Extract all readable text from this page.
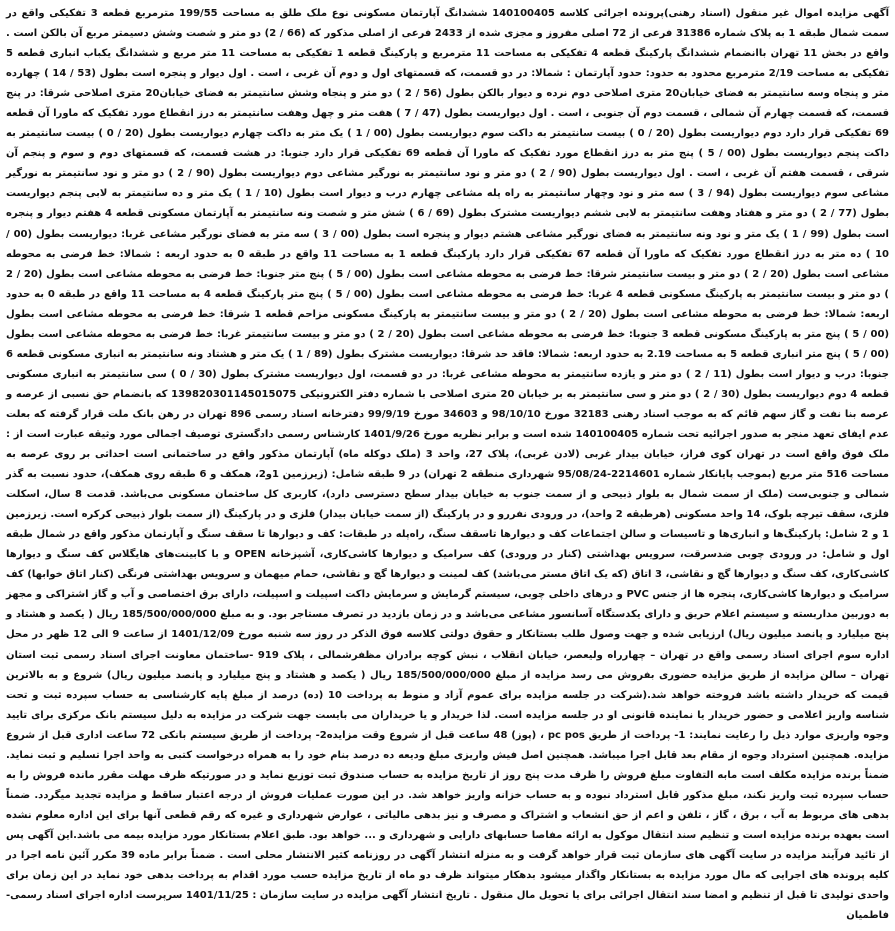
آگهی مزایده اموال غیر منقول (اسناد رهنی)پرونده اجرائی کلاسه 140100405 ششدانگ آپارتمان مسکونی نوع ملک طلق به مساحت 199/55 مترمربع قطعه 3 تفکیکی واقع در سمت شمال طبقه 1 به پلاک شماره 31386 فرعی از 72 اصلی مفروز و مجزی شده از 2433 فرعی از اصلی مذکور که (66 / 2) دو متر و شصت وشش دسیمتر مربع آن بالکن است . واقع در بخش 11 تهران باانضمام ششدانگ پارکینگ قطعه 4 تفکیکی به مساحت 11 مترمربع و پارکینگ قطعه 1 تفکیکی به مساحت 11 متر مربع و ششدانگ یکباب انباری قطعه 5 تفکیکی به مساحت 2/19 مترمربع محدود به حدود: حدود آپارتمان : شمالا: در دو قسمت، که قسمتهای اول و دوم آن غربی ، است . اول دیوار و پنجره است بطول (53 / 14 ) چهارده متر و پنجاه وسه سانتیمتر به فضای خیابان20 متری اصلاحی دوم نرده و دیوار بالکن بطول (56 / 2 ) دو متر و پنجاه وشش سانتیمتر به فضای خیابان20 متری اصلاحی شرقا: در پنج قسمت، که قسمت چهارم آن شمالی ، قسمت دوم آن جنوبی ، است . اول دیواریست بطول (47 / 7 ) هفت متر و چهل وهفت سانتیمتر به درز انقطاع مورد تفکیک که ماورا آن قطعه 69 تفکیکی قرار دارد دوم دیواریست بطول (20 / 0 ) بیست سانتیمتر به داکت سوم دیواریست بطول (00 / 1 ) یک متر به داکت چهارم دیواریست بطول (20 / 0 ) بیست سانتیمتر به داکت پنجم دیواریست بطول (00 / 5 ) پنج متر به درز انقطاع مورد تفکیک که ماورا آن قطعه 69 تفکیکی قرار دارد جنوبا: در هشت قسمت، که قسمتهای دوم و سوم و پنجم آن شرقی ، قسمت هفتم آن غربی ، است . اول دیواریست بطول (90 / 2 ) دو متر و نود سانتیمتر به نورگیر مشاعی دوم دیواریست بطول (90 / 2 ) دو متر و نود سانتیمتر به نورگیر مشاعی سوم دیواریست بطول (94 / 3 ) سه متر و نود وچهار سانتیمتر به راه پله مشاعی چهارم درب و دیوار است بطول (10 / 1 ) یک متر و ده سانتیمتر به لابی پنجم دیواریست بطول (77 / 2 ) دو متر و هفتاد وهفت سانتیمتر به لابی ششم دیواریست مشترک بطول (69 / 6 ) شش متر و شصت ونه سانتیمتر به آپارتمان مسکونی قطعه 4 هفتم دیوار و پنجره است بطول (99 / 1 ) یک متر و نود ونه سانتیمتر به فضای نورگیر مشاعی هشتم دیوار و پنجره است بطول (00 / 3 ) سه متر به فضای نورگیر مشاعی غربا: دیواریست بطول (00 / 10 ) ده متر به درز انقطاع مورد تفکیک که ماورا آن قطعه 67 تفکیکی قرار دارد پارکینگ قطعه 1 به مساحت 11 واقع در طبقه 0 به حدود اربعه : شمالا: خط فرضی به محوطه مشاعی است بطول (20 / 2 ) دو متر و بیست سانتیمتر شرقا: خط فرضی به محوطه مشاعی است بطول (00 / 5 ) پنج متر جنوبا: خط فرضی به محوطه مشاعی است بطول (20 / 2 ) دو متر و بیست سانتیمتر به پارکینگ مسکونی قطعه 4 غربا: خط فرضی به محوطه مشاعی است بطول (00 / 5 ) پنج متر پارکینگ قطعه 4 به مساحت 11 واقع در طبقه 0 به حدود اربعه: شمالا: خط فرضی به محوطه مشاعی است بطول (20 / 2 ) دو متر و بیست سانتیمتر به پارکینگ مسکونی مزاحم قطعه 1 شرقا: خط فرضی به محوطه مشاعی است بطول (00 / 5 ) پنج متر به پارکینگ مسکونی قطعه 3 جنوبا: خط فرضی به محوطه مشاعی است بطول (20 / 2 ) دو متر و بیست سانتیمتر غربا: خط فرضی به محوطه مشاعی است بطول (00 / 5 ) پنج متر انباری قطعه 5 به مساحت 2.19 به حدود اربعه: شمالا: فاقد حد شرقا: دیواریست مشترک بطول (89 / 1 ) یک متر و هشتاد ونه سانتیمتر به انباری مسکونی قطعه 6 جنوبا: درب و دیوار است بطول (11 / 2 ) دو متر و یازده سانتیمتر به محوطه مشاعی غربا: در دو قسمت، اول دیواریست مشترک بطول (30 / 0 ) سی سانتیمتر به انباری مسکونی قطعه 4 دوم دیواریست بطول (30 / 2 ) دو متر و سی سانتیمتر به بر خیابان 20 متری اصلاحی با شماره دفتر الکترونیکی 139820301145015075 که بانضمام حق نسبی از عرصه و عرصه بنا نفت و گاز سهم قائم که به موجب اسناد رهنی 32183 مورخ 98/10/10 و 34603 مورخ 99/9/19 دفترخانه اسناد رسمی 896 تهران در رهن بانک ملت قرار گرفته که بعلت عدم ایفای تعهد منجر به صدور اجرائیه تحت شماره 140100405 شده است و برابر نظریه مورخ 1401/9/26 کارشناس رسمی دادگستری توصیف اجمالی مورد وثیقه عبارت است از : ملک فوق واقع است در تهران کوی فراز، خیابان بیدار غربی (لادن غربی)، پلاک 27، واحد 3 (ملک دوکله ماه) آپارتمان مذکور واقع در ساختمانی است احداثی بر روی عرصه به مساحت 516 متر مربع (بموجب پایانکار شماره 2214601-95/08/24 شهرداری منطقه 2 تهران) در 9 طبقه شامل: (زیرزمین 1و2، همکف و 6 طبقه روی همکف)، حدود نسبت به گذر شمالی و جنوبی‌ست (ملک از سمت شمال به بلوار ذبیحی و از سمت جنوب به خیابان بیدار سطح دسترسی دارد)، کاربری کل ساختمان مسکونی می‌باشد. قدمت 8 سال، اسکلت فلزی، سقف تیرچه بلوک، 14 واحد مسکونی (هرطبقه 2 واحد)، در ورودی نفررو و در پارکینگ (از سمت خیابان بیدار) فلزی و در پارکینگ (از سمت بلوار ذبیحی کرکره است. زیرزمین 1 و 2 شامل: پارکینگ‌ها و انباری‌ها و تاسیسات و سالن اجتماعات کف و دیوارها تاسقف سنگ، راه‌پله در طبقات: کف و دیوارها تا سقف سنگ و آپارتمان مذکور واقع در شمال طبقه اول و شامل: در ورودی چوبی ضدسرقت، سرویس بهداشتی (کنار در ورودی) کف سرامیک و دیوارها کاشی‌کاری، آشپزخانه OPEN و با کابینت‌های هایگلاس کف سنگ و دیوارها کاشی‌کاری، کف سنگ و دیوارها گچ و نقاشی، 3 اتاق (که یک اتاق مستر می‌باشد) کف لمینت و دیوارها گچ و نقاشی، حمام میهمان و سرویس بهداشتی فرنگی (کنار اتاق خوابها) کف سرامیک و دیوارها کاشی‌کاری، پنجره ها از جنس PVC و درهای داخلی چوبی، سیستم گرمایش و سرمایش داکت اسپیلت و اسپیلت، دارای برق اختصاصی و آب و گاز اشتراکی و مجهز به دوربین مداربسته و سیستم اعلام حریق و دارای یکدستگاه آسانسور مشاعی می‌باشد و در زمان بازدید در تصرف مستاجر بود. و به مبلغ 185/500/000/000 ریال ( یکصد و هشتاد و پنج میلیارد و پانصد میلیون ریال) ارزیابی شده و جهت وصول طلب بستانکار و حقوق دولتی کلاسه فوق الذکر در روز سه شنبه مورخ 1401/12/09 از ساعت 9 الی 12 ظهر در محل اداره سوم اجرای اسناد رسمی واقع در تهران – چهارراه ولیعصر، خیابان انقلاب ، نبش کوچه برادران مظفرشمالی ، پلاک 919 -ساختمان معاونت اجرای اسناد رسمی ثبت استان تهران – سالن مزایده از طریق مزایده حضوری بفروش می رسد مزایده از مبلغ 185/500/000/000 ریال ( یکصد و هشتاد و پنج میلیارد و پانصد میلیون ریال) شروع و به بالاترین قیمت که خریدار داشته باشد فروخته خواهد شد.(شرکت در جلسه مزایده برای عموم آزاد و منوط به پرداخت 10 (ده) درصد از مبلغ پایه کارشناسی به حساب سپرده ثبت و تحت شناسه واریز اعلامی و حضور خریدار یا نماینده قانونی او در جلسه مزایده است. لذا خریدار و یا خریداران می بایست جهت شرکت در مزایده به دلیل سیستم بانک مرکزی برای تایید وجوه واریزی موارد ذیل را رعایت نمایند: 1- پرداخت از طریق pc pos ، (پوز) 48 ساعت قبل از شروع وقت مزایده2- پرداخت از طریق سیستم بانکی 72 ساعت اداری قبل از شروع مزایده. همچنین استرداد وجوه از مقام بعد قابل اجرا میباشد. همچنین اصل فیش واریزی مبلغ ودیعه ده درصد بنام خود را به همراه درخواست کتبی به واحد اجرا تسلیم و ثبت نماید. ضمناً برنده مزایده مکلف است مابه التفاوت مبلغ فروش را ظرف مدت پنج روز از تاریخ مزایده به حساب صندوق ثبت توزیع نماید و در صورتیکه ظرف مهلت مقرر مانده فروش را به حساب سپرده ثبت واریز نکند، مبلغ مذکور قابل استرداد نبوده و به حساب خزانه واریز خواهد شد. در این صورت عملیات فروش از درجه اعتبار ساقط و مزایده تجدید میگردد. ضمناً بدهی های مربوط به آب ، برق ، گاز ، تلفن و اعم از حق انشعاب و اشتراک و مصرف و نیز بدهی مالیاتی ، عوارض شهرداری و غیره که رقم قطعی آنها برای این اداره معلوم نشده است بعهده برنده مزایده است و تنظیم سند انتقال موکول به ارائه مفاصا حسابهای دارایی و شهرداری و ... خواهد بود. طبق اعلام بستانکار مورد مزایده بیمه می باشد.این آگهی پس از تائید فرآیند مزایده در سایت آگهی های سازمان ثبت قرار خواهد گرفت و به منزله انتشار آگهی در روزنامه کثیر الانتشار محلی است . ضمناً برابر ماده 39 مکرر آئین نامه اجرا در کلیه پرونده های اجرایی که مال مورد مزایده به بستانکار واگذار میشود بدهکار میتواند ظرف دو ماه از تاریخ مزایده حسب مورد اقدام به پرداخت بدهی خود نماید در این زمان برای واحدی تولیدی تا قبل از تنظیم و امضا سند انتقال اجرائی برای یا تحویل مال منقول . تاریخ انتشار آگهی مزایده در سایت سازمان : 1401/11/25 سرپرست اداره اجرای اسناد رسمی- فاطمیان
